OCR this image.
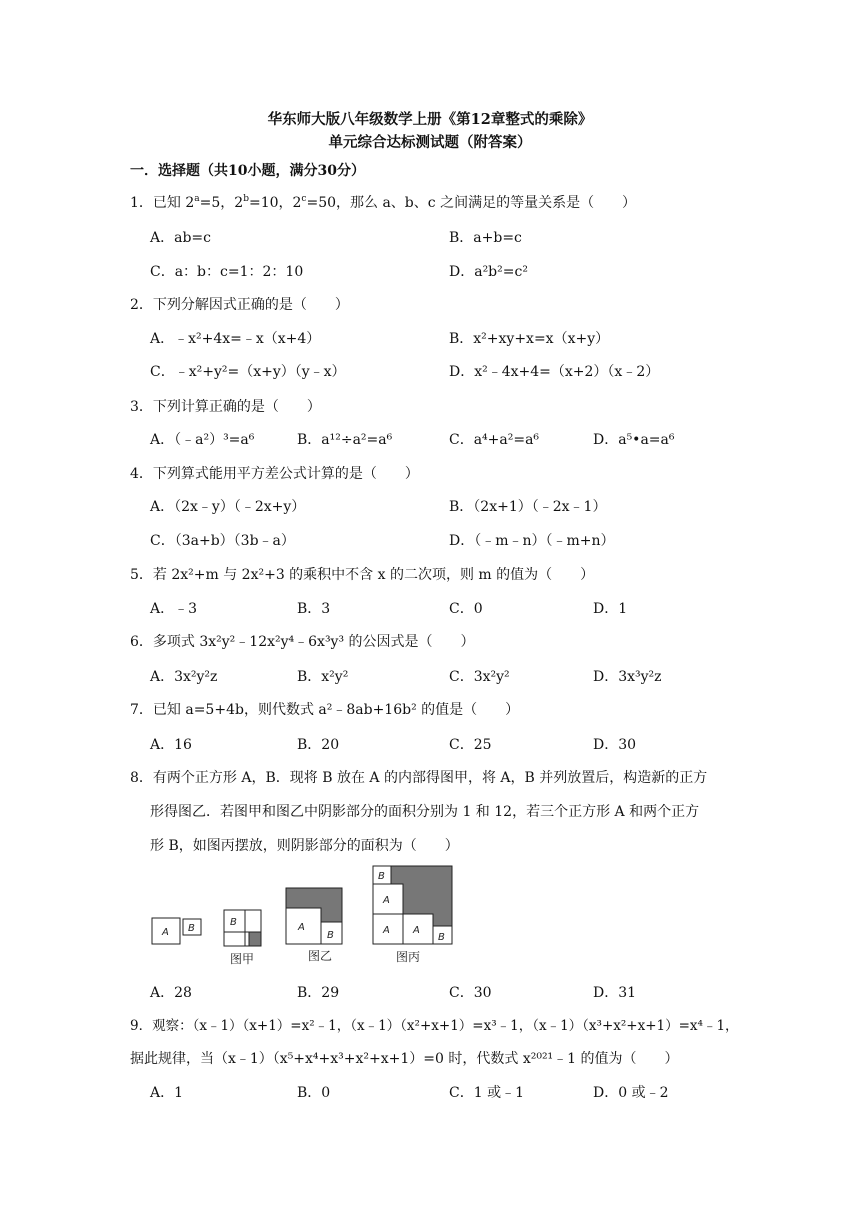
华东师大版八年级数学上册《第12章整式的乘除》
单元综合达标测试题（附答案）
一．选择题（共10小题，满分30分）
1．已知 $2^a=5$，$2^b=10$，$2^c=50$，那么 a、b、c 之间满足的等量关系是（　　）
A．ab=c	B．a+b=c
C．a：b：c=1：2：10	D．a²b²=c²
2．下列分解因式正确的是（　　）
A．﹣x²+4x=﹣x（x+4）	B．x²+xy+x=x（x+y）
C．﹣x²+y²=（x+y）（y﹣x）	D．x²﹣4x+4=（x+2）（x﹣2）
3．下列计算正确的是（　　）
A．（﹣a²）³=a⁶	B．a¹²÷a²=a⁶	C．a⁴+a²=a⁶	D．a⁵•a=a⁶
4．下列算式能用平方差公式计算的是（　　）
A．（2x﹣y）（﹣2x+y）	B．（2x+1）（﹣2x﹣1）
C．（3a+b）（3b﹣a）	D．（﹣m﹣n）（﹣m+n）
5．若 2x²+m 与 2x²+3 的乘积中不含 x 的二次项，则 m 的值为（　　）
A．﹣3	B．3	C．0	D．1
6．多项式 3x²y²﹣12x²y⁴﹣6x³y³ 的公因式是（　　）
A．3x²y²z	B．x²y²	C．3x²y²	D．3x³y²z
7．已知 a=5+4b，则代数式 a²﹣8ab+16b² 的值是（　　）
A．16	B．20	C．25	D．30
8．有两个正方形 A，B．现将 B 放在 A 的内部得图甲，将 A，B 并列放置后，构造新的正方
形得图乙．若图甲和图乙中阴影部分的面积分别为 1 和 12，若三个正方形 A 和两个正方
形 B，如图丙摆放，则阴影部分的面积为（　　）
A B
B	A
B
B
A
A A
B
图甲	图乙	图丙
A．28	B．29	C．30	D．31
9．观察：（x﹣1）（x+1）=x²﹣1，（x﹣1）（x²+x+1）=x³﹣1，（x﹣1）（x³+x²+x+1）=x⁴﹣1，
据此规律，当（x﹣1）（x⁵+x⁴+x³+x²+x+1）=0 时，代数式 x²⁰²¹﹣1 的值为（　　）
A．1	B．0	C．1 或﹣1	D．0 或﹣2
